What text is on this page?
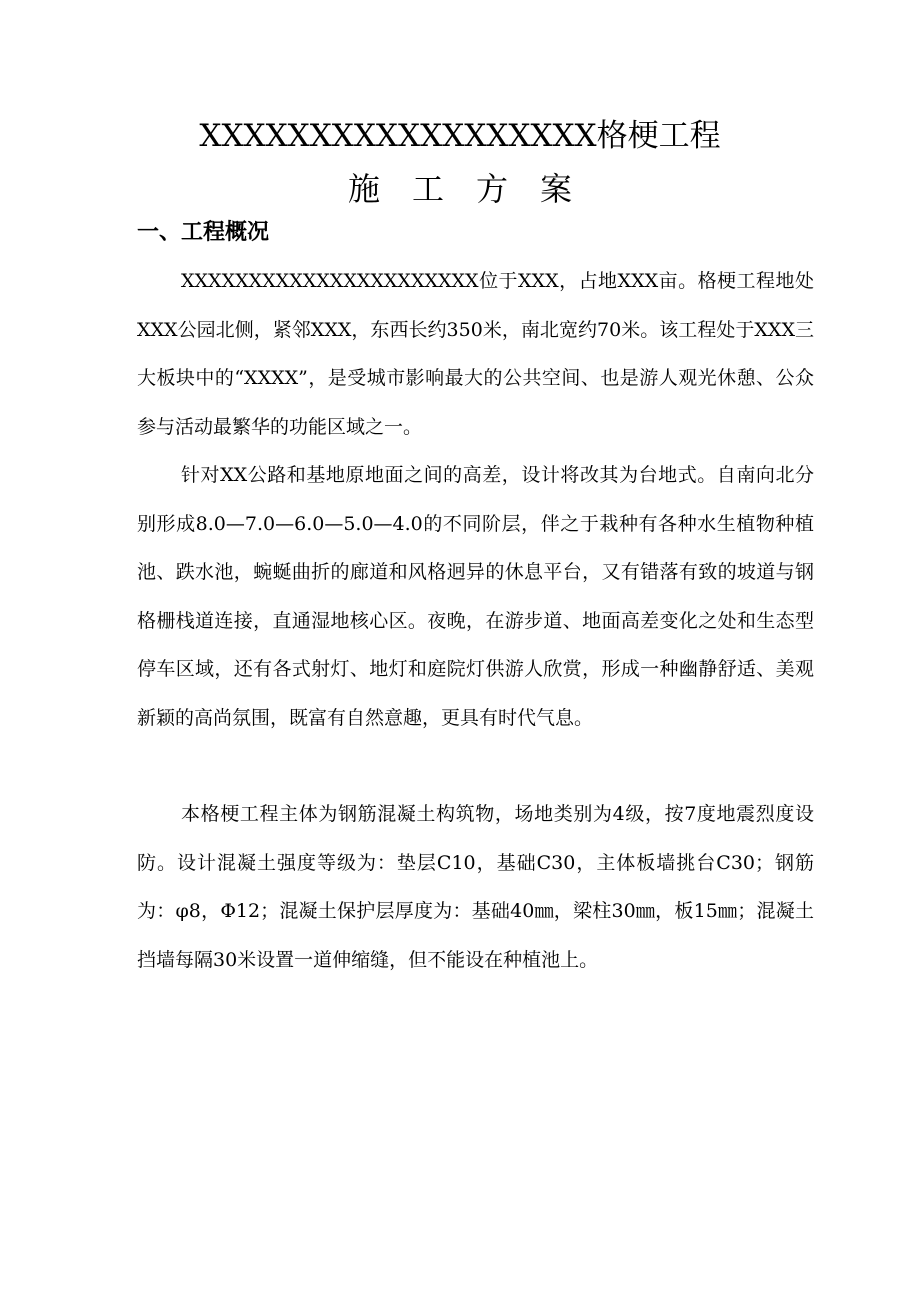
XXXXXXXXXXXXXXXXXX格梗工程
施工方案
一、工程概况

XXXXXXXXXXXXXXXXXXXXXX位于XXX，占地XXX亩。格梗工程地处XXX公园北侧，紧邻XXX，东西长约350米，南北宽约70米。该工程处于XXX三大板块中的“XXXX”，是受城市影响最大的公共空间、也是游人观光休憩、公众参与活动最繁华的功能区域之一。

针对XX公路和基地原地面之间的高差，设计将改其为台地式。自南向北分别形成8.0—7.0—6.0—5.0—4.0的不同阶层，伴之于栽种有各种水生植物种植池、跌水池，蜿蜒曲折的廊道和风格迥异的休息平台，又有错落有致的坡道与钢格栅栈道连接，直通湿地核心区。夜晚，在游步道、地面高差变化之处和生态型停车区域，还有各式射灯、地灯和庭院灯供游人欣赏，形成一种幽静舒适、美观新颖的高尚氛围，既富有自然意趣，更具有时代气息。

本格梗工程主体为钢筋混凝土构筑物，场地类别为4级，按7度地震烈度设防。设计混凝土强度等级为：垫层C10，基础C30，主体板墙挑台C30；钢筋为：φ8，Φ12；混凝土保护层厚度为：基础40㎜，梁柱30㎜，板15㎜；混凝土挡墙每隔30米设置一道伸缩缝，但不能设在种植池上。
